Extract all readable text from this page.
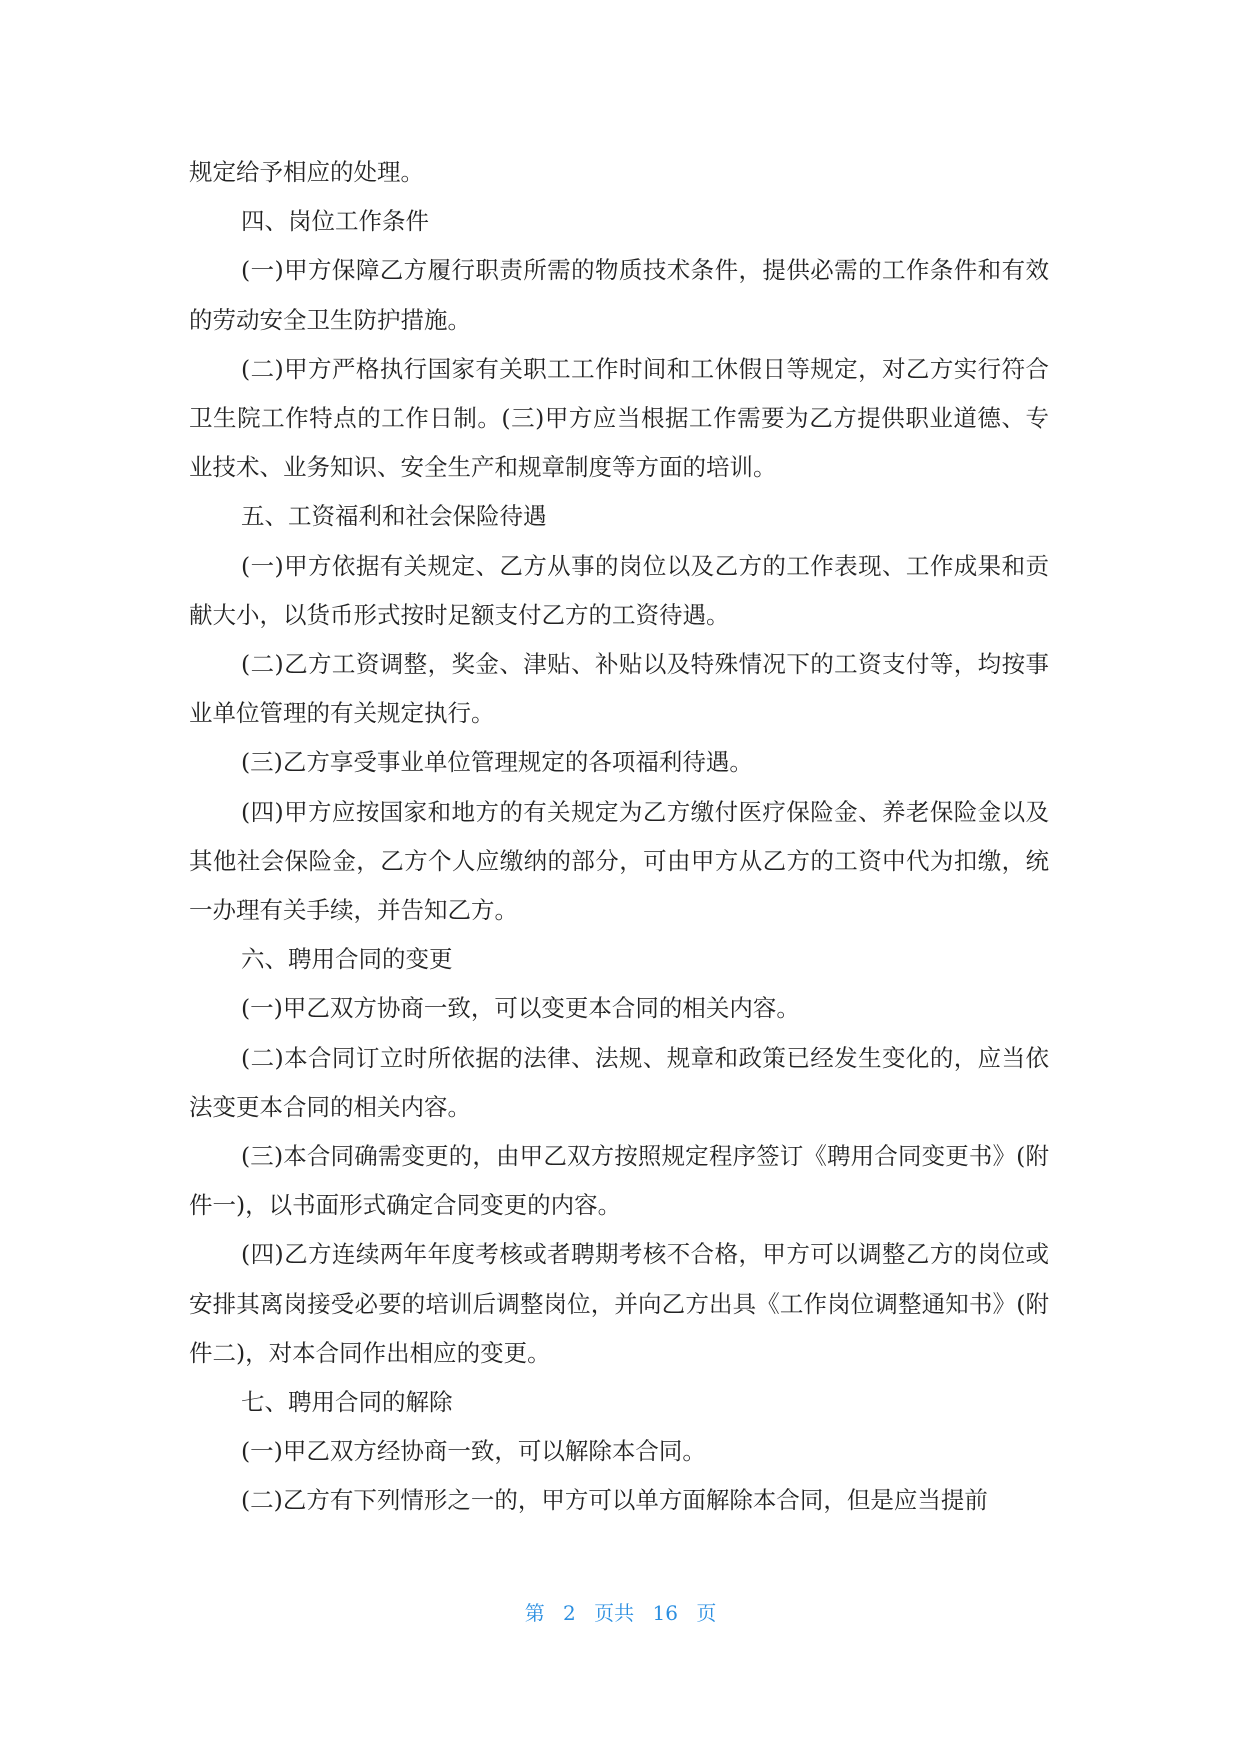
规定给予相应的处理。

四、岗位工作条件

(一)甲方保障乙方履行职责所需的物质技术条件，提供必需的工作条件和有效的劳动安全卫生防护措施。

(二)甲方严格执行国家有关职工工作时间和工休假日等规定，对乙方实行符合卫生院工作特点的工作日制。(三)甲方应当根据工作需要为乙方提供职业道德、专业技术、业务知识、安全生产和规章制度等方面的培训。

五、工资福利和社会保险待遇

(一)甲方依据有关规定、乙方从事的岗位以及乙方的工作表现、工作成果和贡献大小，以货币形式按时足额支付乙方的工资待遇。

(二)乙方工资调整，奖金、津贴、补贴以及特殊情况下的工资支付等，均按事业单位管理的有关规定执行。

(三)乙方享受事业单位管理规定的各项福利待遇。

(四)甲方应按国家和地方的有关规定为乙方缴付医疗保险金、养老保险金以及其他社会保险金，乙方个人应缴纳的部分，可由甲方从乙方的工资中代为扣缴，统一办理有关手续，并告知乙方。

六、聘用合同的变更

(一)甲乙双方协商一致，可以变更本合同的相关内容。

(二)本合同订立时所依据的法律、法规、规章和政策已经发生变化的，应当依法变更本合同的相关内容。

(三)本合同确需变更的，由甲乙双方按照规定程序签订《聘用合同变更书》(附件一)，以书面形式确定合同变更的内容。

(四)乙方连续两年年度考核或者聘期考核不合格，甲方可以调整乙方的岗位或安排其离岗接受必要的培训后调整岗位，并向乙方出具《工作岗位调整通知书》(附件二)，对本合同作出相应的变更。

七、聘用合同的解除

(一)甲乙双方经协商一致，可以解除本合同。

(二)乙方有下列情形之一的，甲方可以单方面解除本合同，但是应当提前

第 2 页共 16 页
